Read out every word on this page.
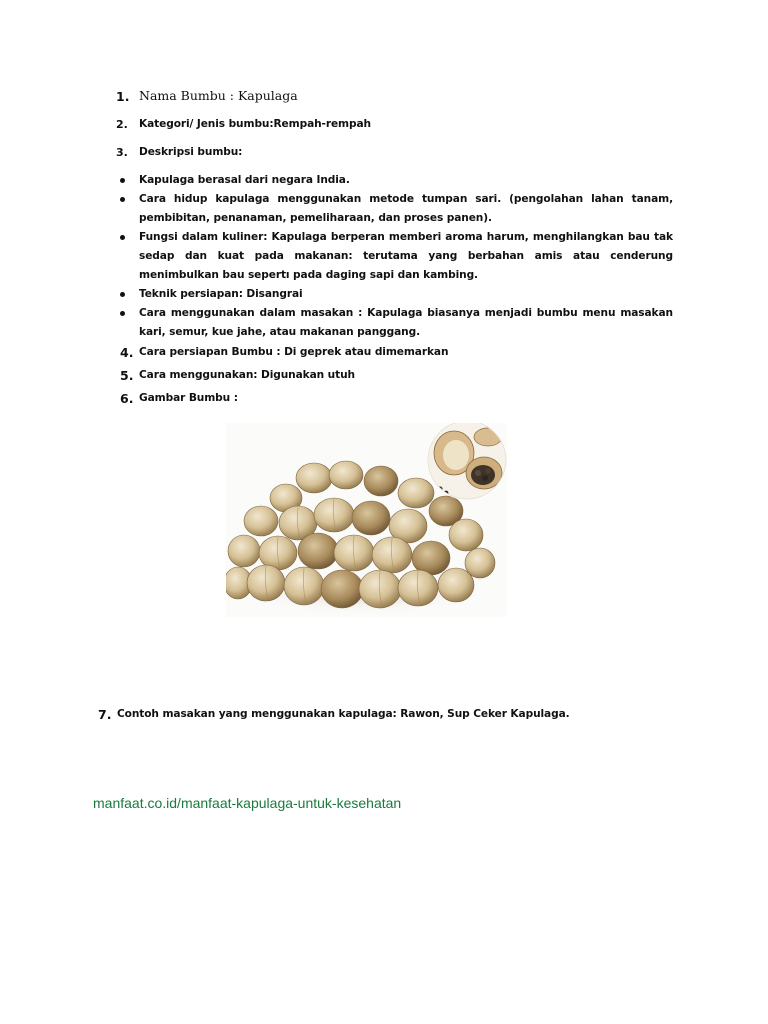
1. Nama Bumbu : Kapulaga
2. Kategori/ Jenis bumbu:Rempah-rempah
3. Deskripsi bumbu:
Kapulaga berasal dari negara India.
Cara hidup kapulaga menggunakan metode tumpan sari. (pengolahan lahan tanam, pembibitan, penanaman, pemeliharaan, dan proses panen).
Fungsi dalam kuliner: Kapulaga berperan memberi aroma harum, menghilangkan bau tak sedap dan kuat pada makanan: terutama yang berbahan amis atau cenderung menimbulkan bau sepertı pada daging sapi dan kambing.
Teknik persiapan: Disangrai
Cara menggunakan dalam masakan : Kapulaga biasanya menjadi bumbu menu masakan kari, semur, kue jahe, atau makanan panggang.
4. Cara persiapan Bumbu : Di geprek atau dimemarkan
5. Cara menggunakan: Digunakan utuh
6. Gambar Bumbu :
7. Contoh masakan yang menggunakan kapulaga: Rawon, Sup Ceker Kapulaga.
manfaat.co.id/manfaat-kapulaga-untuk-kesehatan
